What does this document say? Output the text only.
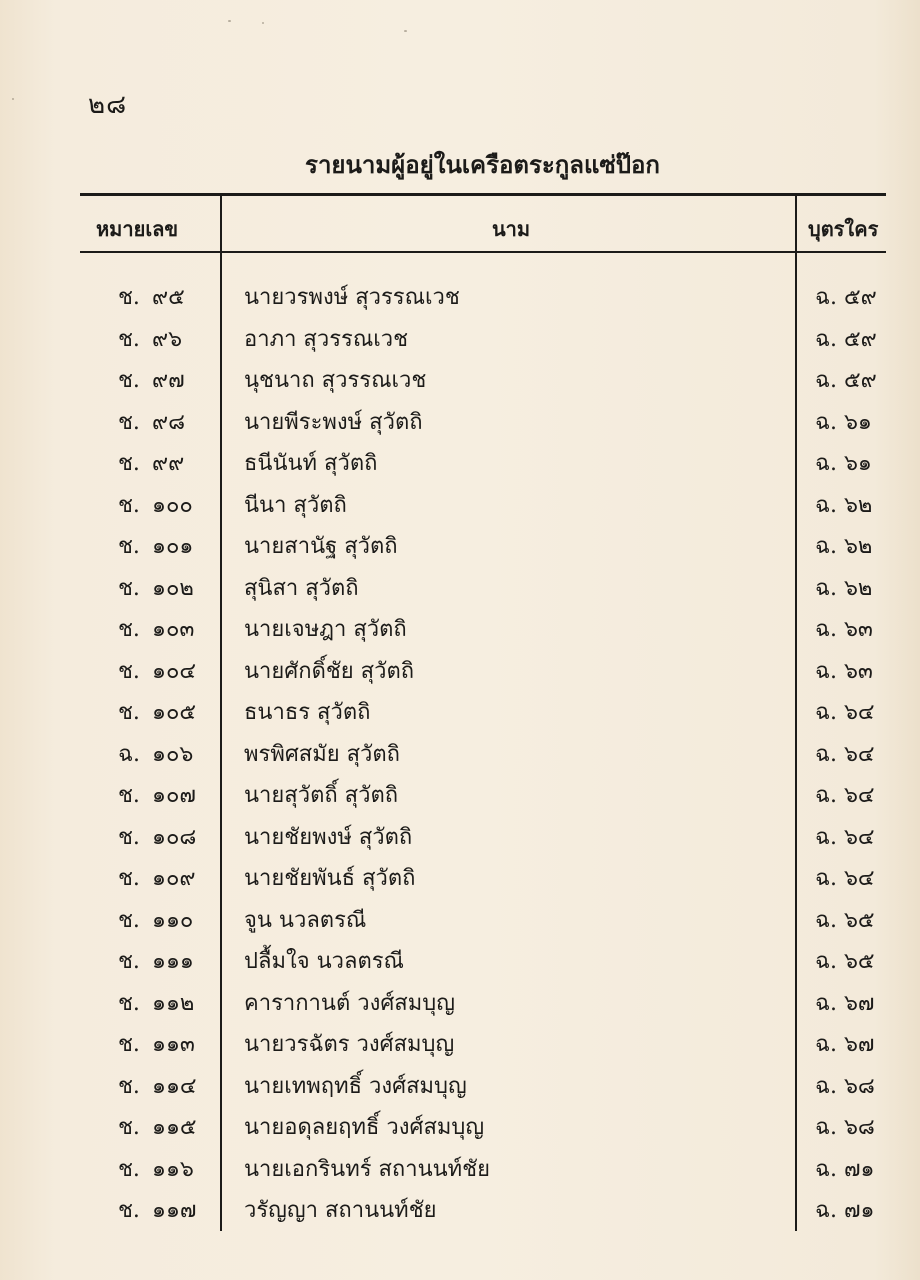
๒๘
รายนามผู้อยู่ในเครือตระกูลแซ่ป๊อก
หมายเลข	นาม	บุตรใคร
ช. ๙๕	นายวรพงษ์ สุวรรณเวช	ฉ. ๕๙
ช. ๙๖	อาภา สุวรรณเวช	ฉ. ๕๙
ช. ๙๗	นุชนาถ สุวรรณเวช	ฉ. ๕๙
ช. ๙๘	นายพีระพงษ์ สุวัตถิ	ฉ. ๖๑
ช. ๙๙	ธนีนันท์ สุวัตถิ	ฉ. ๖๑
ช. ๑๐๐ นีนา สุวัตถิ	ฉ. ๖๒
ช. ๑๐๑ นายสานัฐ สุวัตถิ	ฉ. ๖๒
ช. ๑๐๒ สุนิสา สุวัตถิ	ฉ. ๖๒
ช. ๑๐๓ นายเจษฎา สุวัตถิ	ฉ. ๖๓
ช. ๑๐๔ นายศักดิ์ชัย สุวัตถิ	ฉ. ๖๓
ช. ๑๐๕ ธนาธร สุวัตถิ	ฉ. ๖๔
ฉ. ๑๐๖ พรพิศสมัย สุวัตถิ	ฉ. ๖๔
ช. ๑๐๗ นายสุวัตถิ์ สุวัตถิ	ฉ. ๖๔
ช. ๑๐๘ นายชัยพงษ์ สุวัตถิ	ฉ. ๖๔
ช. ๑๐๙ นายชัยพันธ์ สุวัตถิ	ฉ. ๖๔
ช. ๑๑๐ จูน นวลตรณี	ฉ. ๖๕
ช. ๑๑๑ ปลื้มใจ นวลตรณี	ฉ. ๖๕
ช. ๑๑๒ คารากานต์ วงศ์สมบุญ	ฉ. ๖๗
ช. ๑๑๓ นายวรฉัตร วงศ์สมบุญ	ฉ. ๖๗
ช. ๑๑๔ นายเทพฤทธิ์ วงศ์สมบุญ	ฉ. ๖๘
ช. ๑๑๕ นายอดุลยฤทธิ์ วงศ์สมบุญ	ฉ. ๖๘
ช. ๑๑๖ นายเอกรินทร์ สถานนท์ชัย	ฉ. ๗๑
ช. ๑๑๗ วรัญญา สถานนท์ชัย	ฉ. ๗๑
